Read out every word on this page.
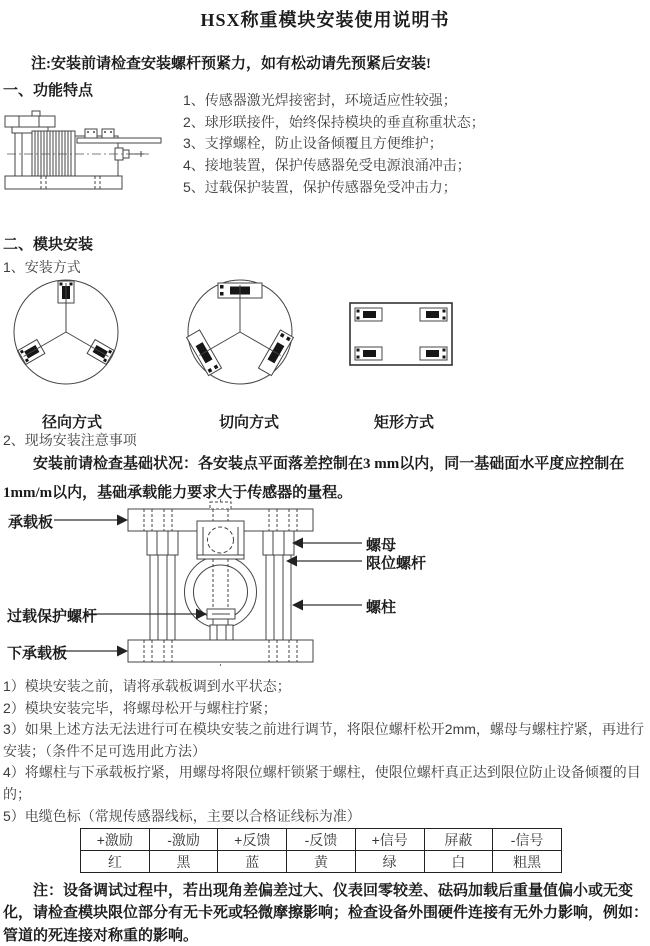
HSX称重模块安装使用说明书
注:安装前请检查安装螺杆预紧力，如有松动请先预紧后安装!
一、功能特点
1、传感器激光焊接密封，环境适应性较强；
2、球形联接件，始终保持模块的垂直称重状态；
3、支撑螺栓，防止设备倾覆且方便维护；
4、接地装置，保护传感器免受电源浪涌冲击；
5、过载保护装置，保护传感器免受冲击力；
二、模块安装
1、安装方式
径向方式	切向方式	矩形方式
2、现场安装注意事项
安装前请检查基础状况：各安装点平面落差控制在3 mm以内，同一基础面水平度应控制在1mm/m以内，基础承载能力要求大于传感器的量程。
承载板
螺母
限位螺杆
螺柱
过载保护螺杆
下承载板
1）模块安装之前，请将承载板调到水平状态；
2）模块安装完毕，将螺母松开与螺柱拧紧；
3）如果上述方法无法进行可在模块安装之前进行调节，将限位螺杆松开2mm，螺母与螺柱拧紧，再进行安装；（条件不足可选用此方法）
4）将螺柱与下承载板拧紧，用螺母将限位螺杆锁紧于螺柱，使限位螺杆真正达到限位防止设备倾覆的目的；
5）电缆色标（常规传感器线标，主要以合格证线标为准）
+激励	-激励	+反馈	-反馈	+信号	屏蔽	-信号
红	黑	蓝	黄	绿	白	粗黑
注：设备调试过程中，若出现角差偏差过大、仪表回零较差、砝码加载后重量值偏小或无变化，请检查模块限位部分有无卡死或轻微摩擦影响；检查设备外围硬件连接有无外力影响，例如：管道的死连接对称重的影响。
